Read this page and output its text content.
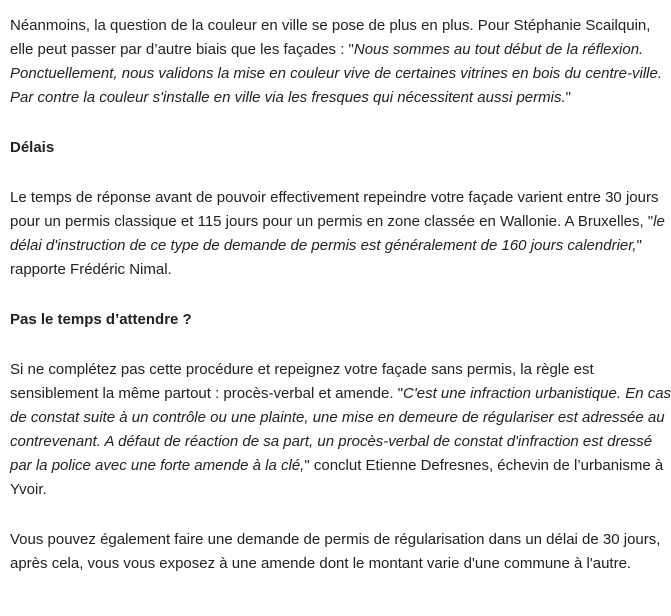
Néanmoins, la question de la couleur en ville se pose de plus en plus. Pour Stéphanie Scailquin,
elle peut passer par d’autre biais que les façades : "Nous sommes au tout début de la réflexion.
Ponctuellement, nous validons la mise en couleur vive de certaines vitrines en bois du centre-ville.
Par contre la couleur s'installe en ville via les fresques qui nécessitent aussi permis."

Délais

Le temps de réponse avant de pouvoir effectivement repeindre votre façade varient entre 30 jours
pour un permis classique et 115 jours pour un permis en zone classée en Wallonie. A Bruxelles, "le
délai d'instruction de ce type de demande de permis est généralement de 160 jours calendrier,"
rapporte Frédéric Nimal.

Pas le temps d’attendre ?

Si ne complétez pas cette procédure et repeignez votre façade sans permis, la règle est
sensiblement la même partout : procès-verbal et amende. "C'est une infraction urbanistique. En cas
de constat suite à un contrôle ou une plainte, une mise en demeure de régulariser est adressée au
contrevenant. A défaut de réaction de sa part, un procès-verbal de constat d'infraction est dressé
par la police avec une forte amende à la clé," conclut Etienne Defresnes, échevin de l’urbanisme à
Yvoir.

Vous pouvez également faire une demande de permis de régularisation dans un délai de 30 jours,
après cela, vous vous exposez à une amende dont le montant varie d'une commune à l'autre.
